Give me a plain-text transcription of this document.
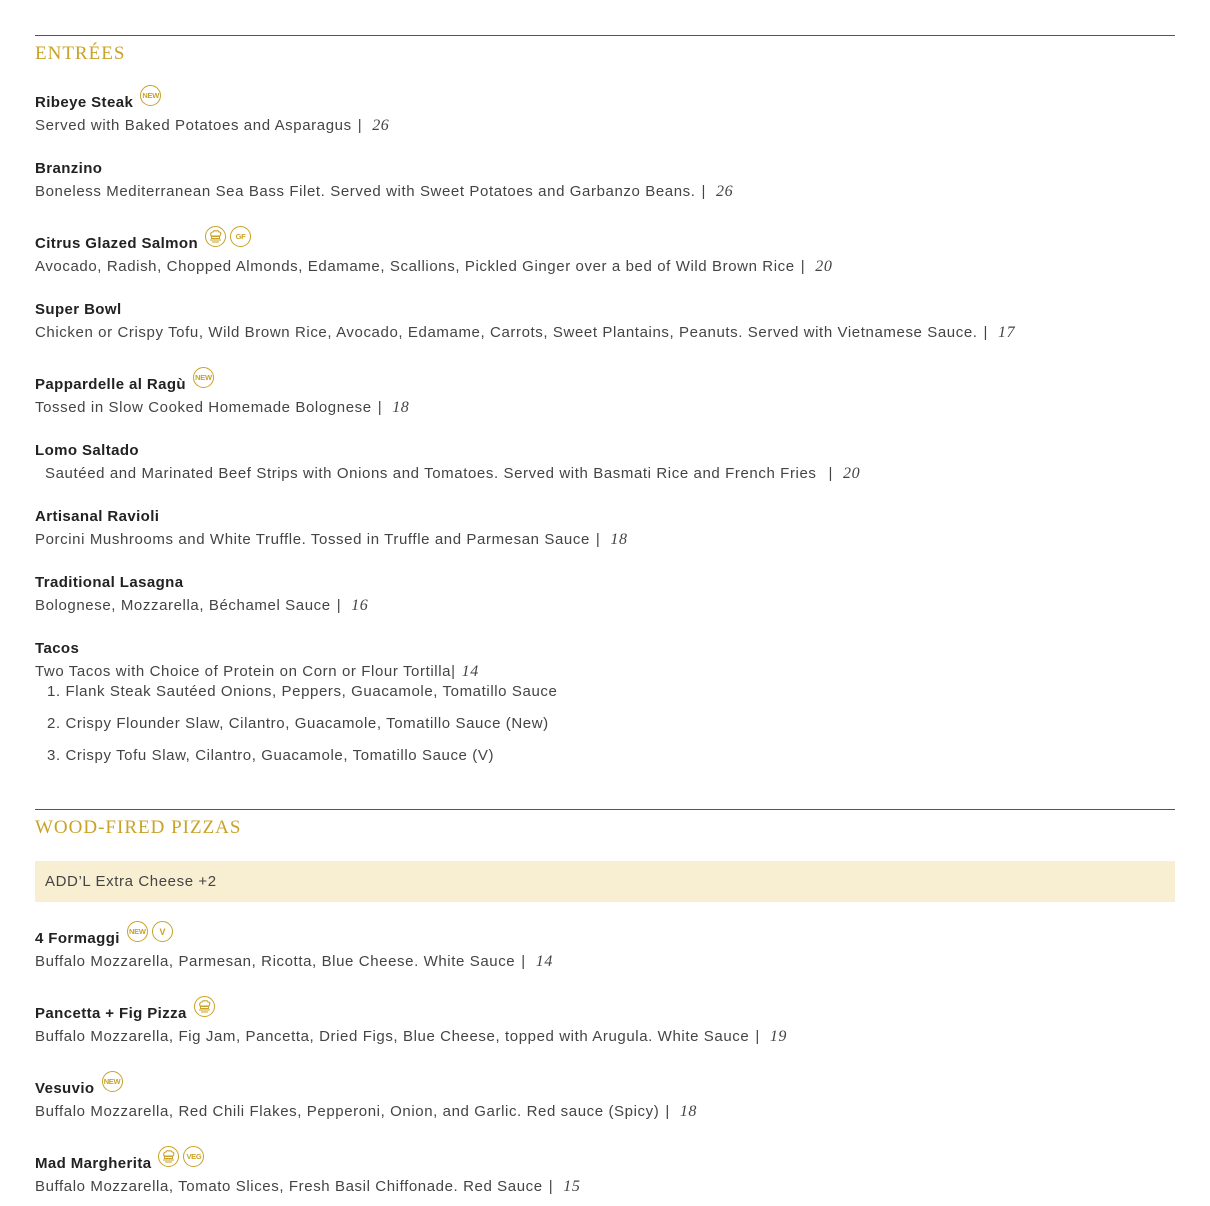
ENTRÉES
Ribeye Steak NEW
Served with Baked Potatoes and Asparagus | 26
Branzino
Boneless Mediterranean Sea Bass Filet. Served with Sweet Potatoes and Garbanzo Beans. | 26
Citrus Glazed Salmon	GF
Avocado, Radish, Chopped Almonds, Edamame, Scallions, Pickled Ginger over a bed of Wild Brown Rice | 20
Super Bowl
Chicken or Crispy Tofu, Wild Brown Rice, Avocado, Edamame, Carrots, Sweet Plantains, Peanuts. Served with Vietnamese Sauce. | 17
Pappardelle al Ragù NEW
Tossed in Slow Cooked Homemade Bolognese | 18
Lomo Saltado
Sautéed and Marinated Beef Strips with Onions and Tomatoes. Served with Basmati Rice and French Fries | 20
Artisanal Ravioli
Porcini Mushrooms and White Truffle. Tossed in Truffle and Parmesan Sauce | 18
Traditional Lasagna
Bolognese, Mozzarella, Béchamel Sauce | 16
Tacos
Two Tacos with Choice of Protein on Corn or Flour Tortilla| 14
1. Flank Steak Sautéed Onions, Peppers, Guacamole, Tomatillo Sauce
2. Crispy Flounder Slaw, Cilantro, Guacamole, Tomatillo Sauce (New)
3. Crispy Tofu Slaw, Cilantro, Guacamole, Tomatillo Sauce (V)
WOOD-FIRED PIZZAS
ADD’L Extra Cheese +2
4 Formaggi NEW	V
Buffalo Mozzarella, Parmesan, Ricotta, Blue Cheese. White Sauce | 14
Pancetta + Fig Pizza
Buffalo Mozzarella, Fig Jam, Pancetta, Dried Figs, Blue Cheese, topped with Arugula. White Sauce | 19
Vesuvio NEW
Buffalo Mozzarella, Red Chili Flakes, Pepperoni, Onion, and Garlic. Red sauce (Spicy) | 18
Mad Margherita	VEG
Buffalo Mozzarella, Tomato Slices, Fresh Basil Chiffonade. Red Sauce | 15
